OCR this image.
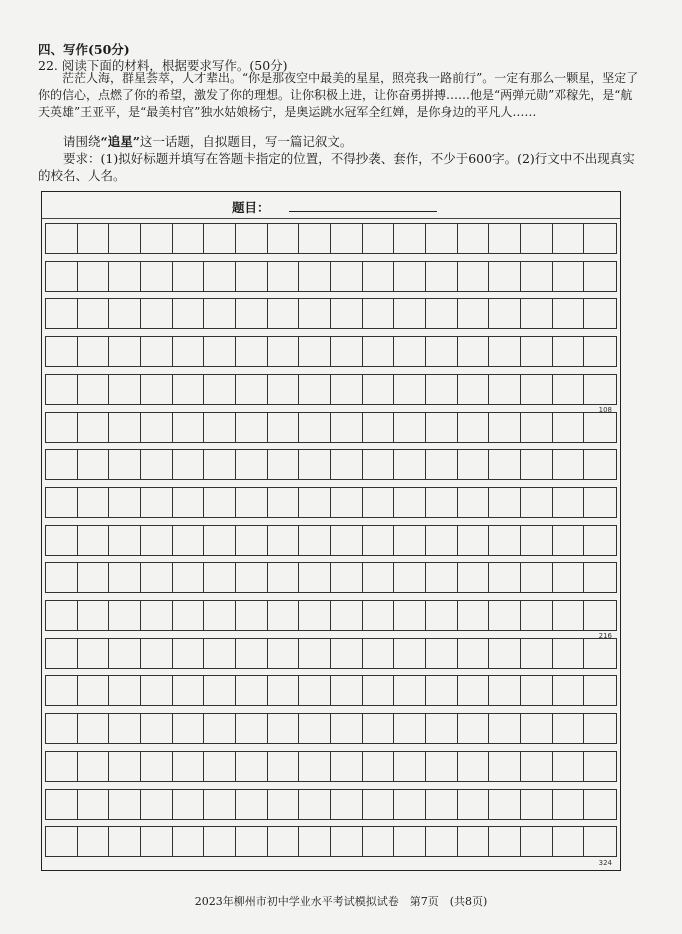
四、写作(50分)
22. 阅读下面的材料，根据要求写作。(50分)
茫茫人海，群星荟萃，人才辈出。“你是那夜空中最美的星星，照亮我一路前行”。一定有那么一颗星，坚定了你的信心，点燃了你的希望，激发了你的理想。让你积极上进，让你奋勇拼搏……他是“两弹元勋”邓稼先，是“航天英雄”王亚平，是“最美村官”独水姑娘杨宁，是奥运跳水冠军全红婵，是你身边的平凡人……
请围绕“追星”这一话题，自拟题目，写一篇记叙文。
要求：(1)拟好标题并填写在答题卡指定的位置，不得抄袭、套作，不少于600字。(2)行文中不出现真实的校名、人名。
题目：
108
216
324
2023年柳州市初中学业水平考试模拟试卷　第7页　(共8页)
